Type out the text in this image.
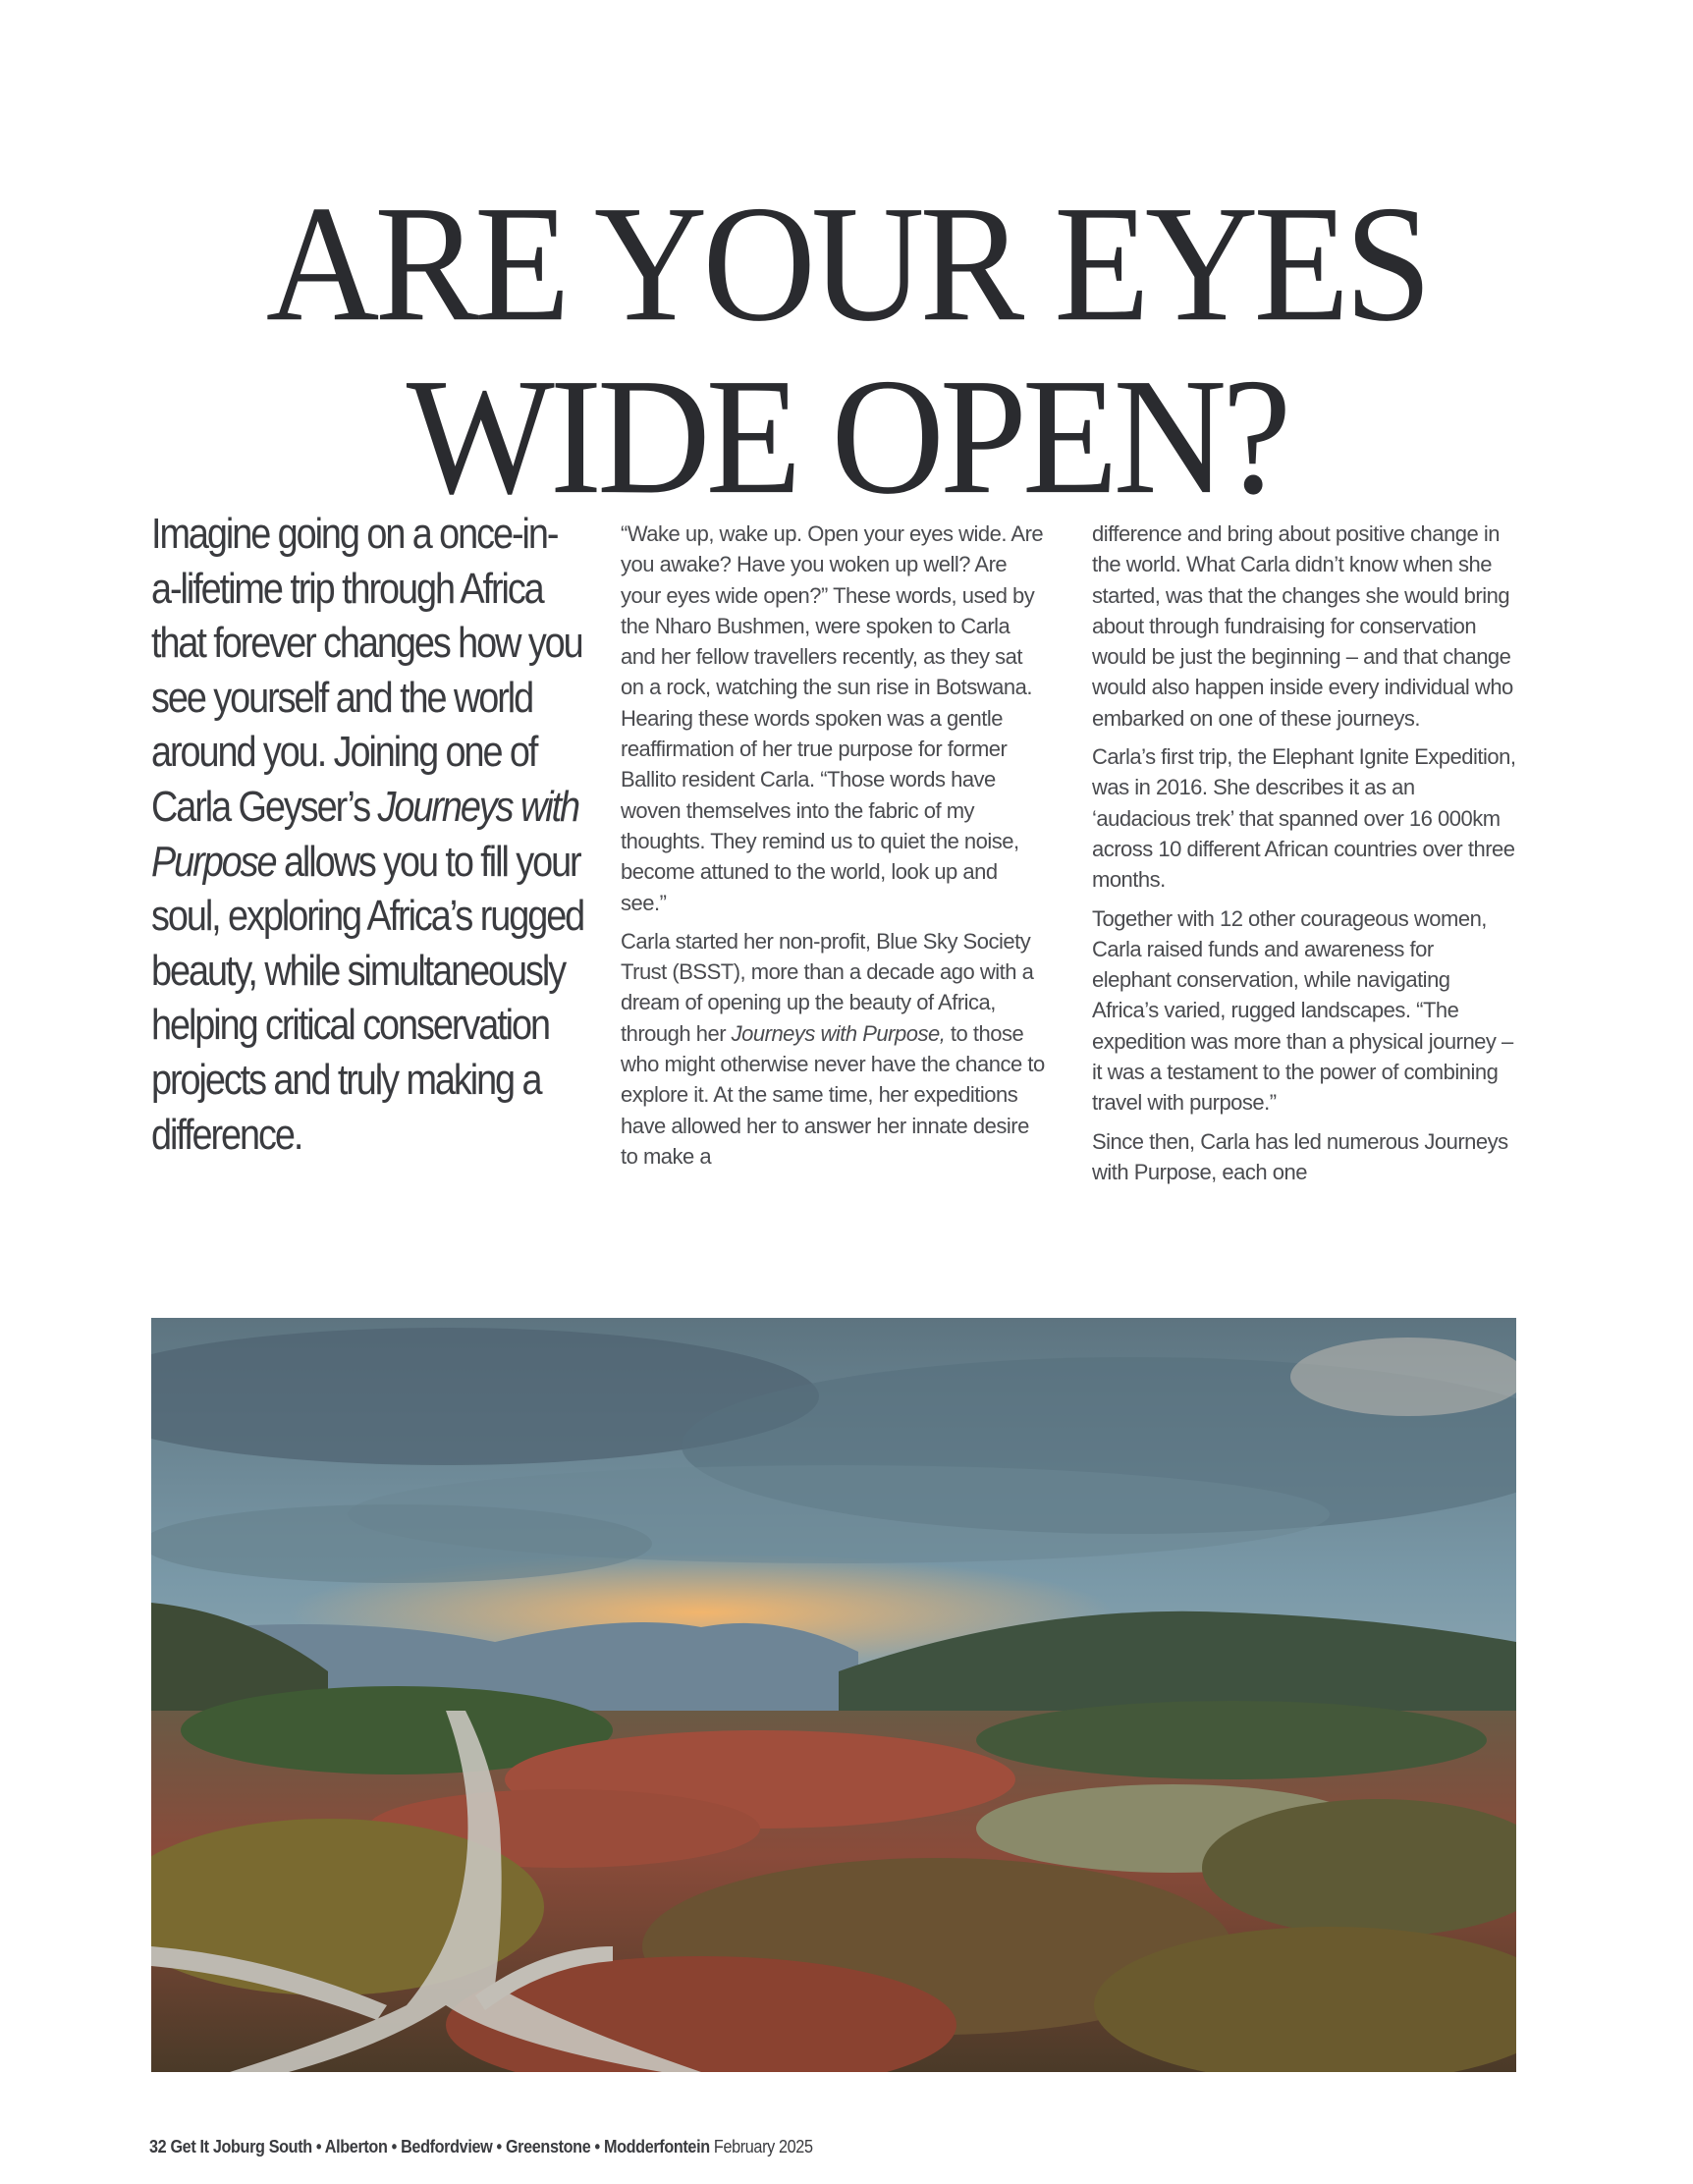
ARE YOUR EYES
WIDE OPEN?

Imagine going on a once-in-a-lifetime trip through Africa that forever changes how you see yourself and the world around you. Joining one of Carla Geyser’s Journeys with Purpose allows you to fill your soul, exploring Africa’s rugged beauty, while simultaneously helping critical conservation projects and truly making a difference.

“Wake up, wake up. Open your eyes wide. Are you awake? Have you woken up well? Are your eyes wide open?” These words, used by the Nharo Bushmen, were spoken to Carla and her fellow travellers recently, as they sat on a rock, watching the sun rise in Botswana. Hearing these words spoken was a gentle reaffirmation of her true purpose for former Ballito resident Carla. “Those words have woven themselves into the fabric of my thoughts. They remind us to quiet the noise, become attuned to the world, look up and see.”

Carla started her non-profit, Blue Sky Society Trust (BSST), more than a decade ago with a dream of opening up the beauty of Africa, through her Journeys with Purpose, to those who might otherwise never have the chance to explore it. At the same time, her expeditions have allowed her to answer her innate desire to make a

difference and bring about positive change in the world. What Carla didn’t know when she started, was that the changes she would bring about through fundraising for conservation would be just the beginning – and that change would also happen inside every individual who embarked on one of these journeys.

Carla’s first trip, the Elephant Ignite Expedition, was in 2016. She describes it as an ‘audacious trek’ that spanned over 16 000km across 10 different African countries over three months.

Together with 12 other courageous women, Carla raised funds and awareness for elephant conservation, while navigating Africa’s varied, rugged landscapes. “The expedition was more than a physical journey – it was a testament to the power of combining travel with purpose.”

Since then, Carla has led numerous Journeys with Purpose, each one

32 Get It Joburg South • Alberton • Bedfordview • Greenstone • Modderfontein February 2025
